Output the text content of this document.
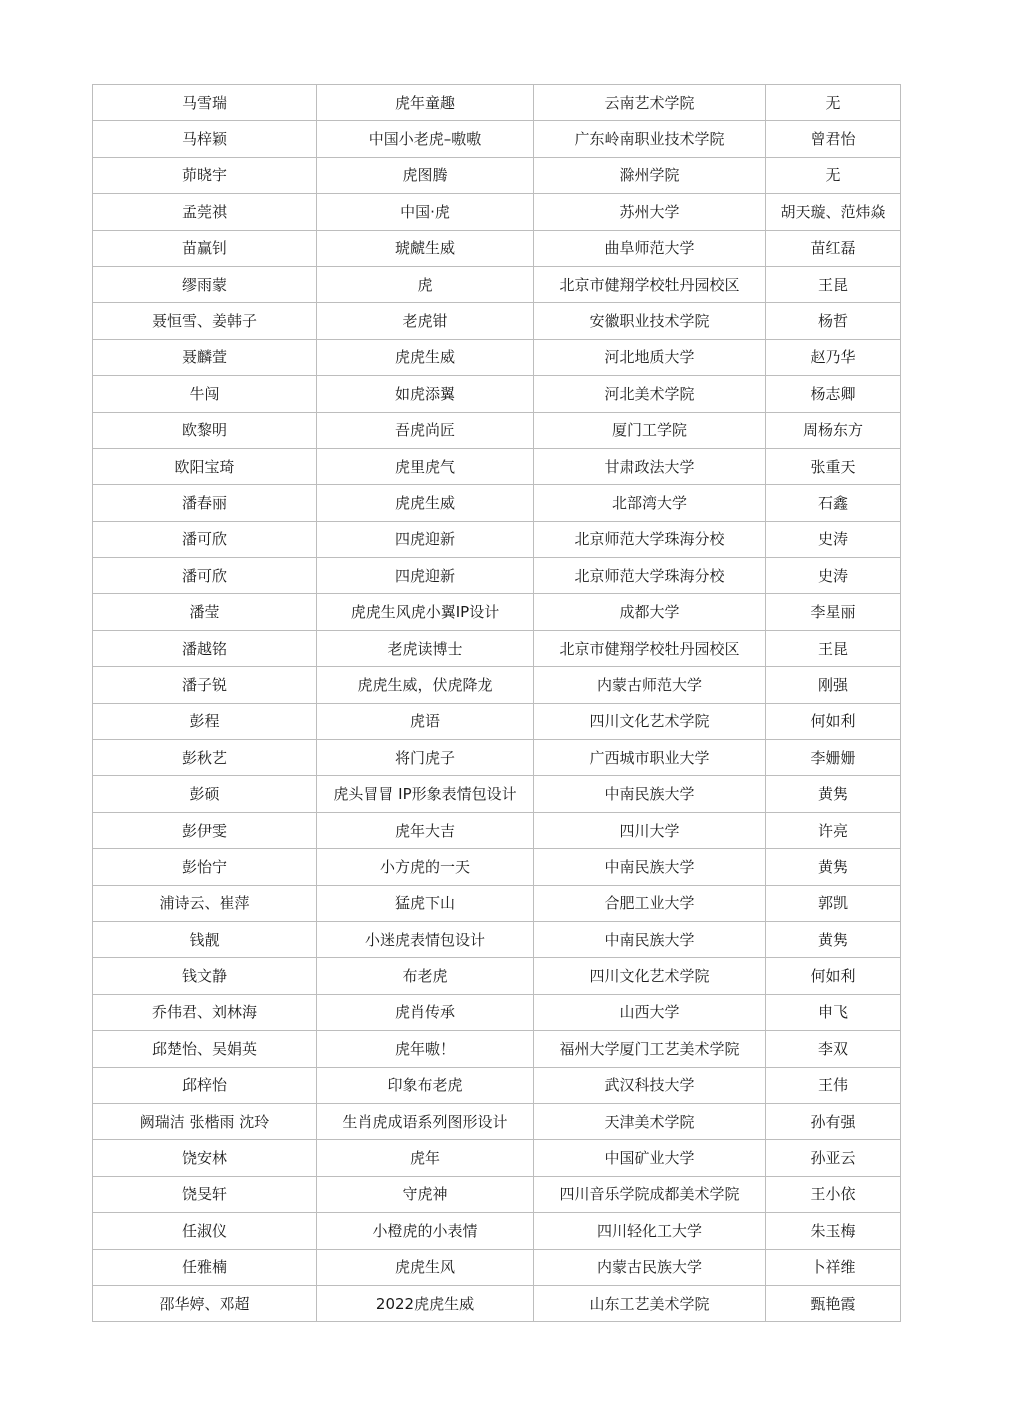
马雪瑞	虎年童趣	云南艺术学院	无
马梓颖	中国小老虎–嗷嗷	广东岭南职业技术学院	曾君怡
茆晓宇	虎图腾	滁州学院	无
孟莞祺	中国·虎	苏州大学	胡天璇、范炜焱
苗赢钊	琥虤生威	曲阜师范大学	苗红磊
缪雨蒙	虎	北京市健翔学校牡丹园校区	王昆
聂恒雪、姜韩子	老虎钳	安徽职业技术学院	杨哲
聂麟萱	虎虎生威	河北地质大学	赵乃华
牛闯	如虎添翼	河北美术学院	杨志卿
欧黎明	吾虎尚匠	厦门工学院	周杨东方
欧阳宝琦	虎里虎气	甘肃政法大学	张重天
潘春丽	虎虎生威	北部湾大学	石鑫
潘可欣	四虎迎新	北京师范大学珠海分校	史涛
潘可欣	四虎迎新	北京师范大学珠海分校	史涛
潘莹	虎虎生风虎小翼IP设计	成都大学	李星丽
潘越铭	老虎读博士	北京市健翔学校牡丹园校区	王昆
潘子锐	虎虎生威，伏虎降龙	内蒙古师范大学	刚强
彭程	虎语	四川文化艺术学院	何如利
彭秋艺	将门虎子	广西城市职业大学	李姗姗
彭硕	虎头冒冒 IP形象表情包设计	中南民族大学	黄隽
彭伊雯	虎年大吉	四川大学	许亮
彭怡宁	小方虎的一天	中南民族大学	黄隽
浦诗云、崔萍	猛虎下山	合肥工业大学	郭凯
钱靓	小迷虎表情包设计	中南民族大学	黄隽
钱文静	布老虎	四川文化艺术学院	何如利
乔伟君、刘林海	虎肖传承	山西大学	申飞
邱楚怡、吴娟英	虎年嗷！	福州大学厦门工艺美术学院	李双
邱梓怡	印象布老虎	武汉科技大学	王伟
阙瑞洁 张楷雨 沈玲	生肖虎成语系列图形设计	天津美术学院	孙有强
饶安林	虎年	中国矿业大学	孙亚云
饶旻轩	守虎神	四川音乐学院成都美术学院	王小依
任淑仪	小橙虎的小表情	四川轻化工大学	朱玉梅
任雅楠	虎虎生风	内蒙古民族大学	卜祥维
邵华婷、邓超	2022虎虎生威	山东工艺美术学院	甄艳霞
